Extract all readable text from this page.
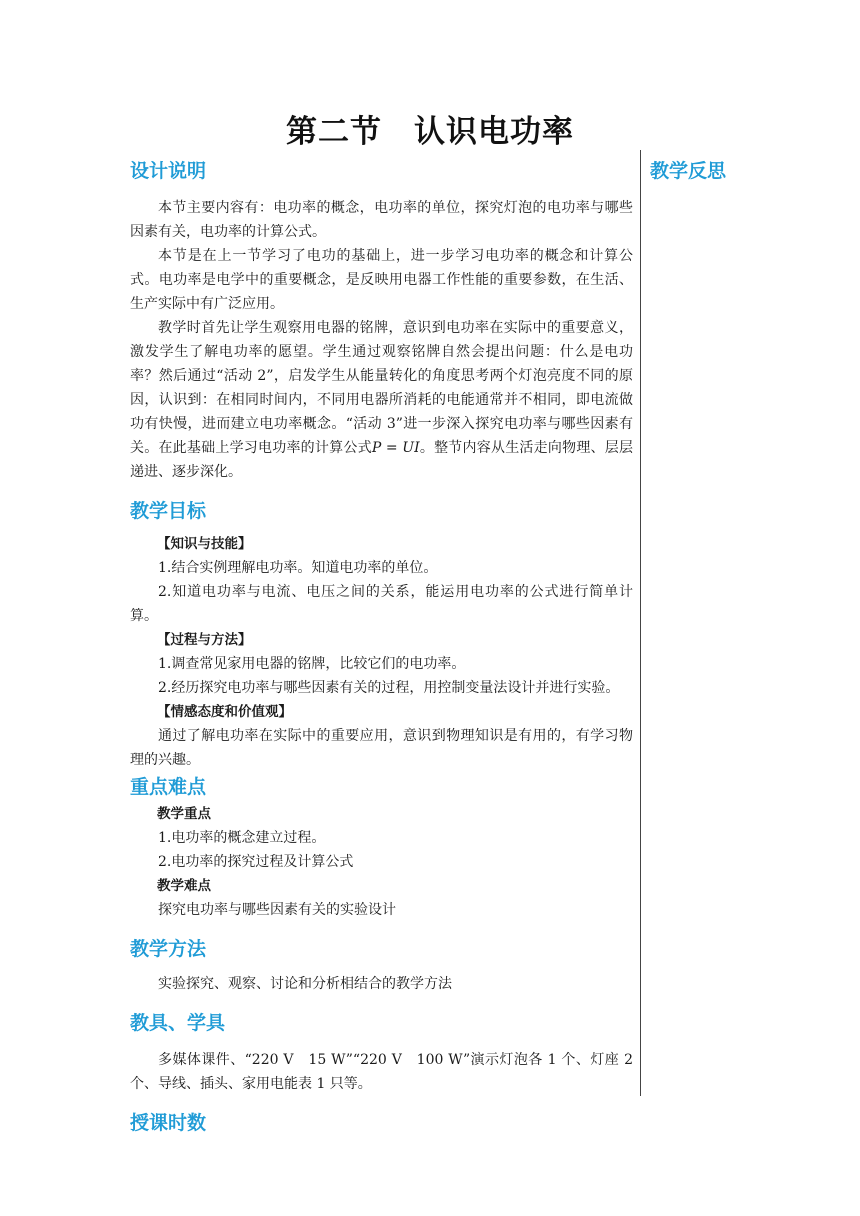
第二节　认识电功率
教学反思
设计说明

本节主要内容有：电功率的概念，电功率的单位，探究灯泡的电功率与哪些因素有关，电功率的计算公式。

本节是在上一节学习了电功的基础上，进一步学习电功率的概念和计算公式。电功率是电学中的重要概念，是反映用电器工作性能的重要参数，在生活、生产实际中有广泛应用。

教学时首先让学生观察用电器的铭牌，意识到电功率在实际中的重要意义，激发学生了解电功率的愿望。学生通过观察铭牌自然会提出问题：什么是电功率？然后通过“活动 2”，启发学生从能量转化的角度思考两个灯泡亮度不同的原因，认识到：在相同时间内，不同用电器所消耗的电能通常并不相同，即电流做功有快慢，进而建立电功率概念。“活动 3”进一步深入探究电功率与哪些因素有关。在此基础上学习电功率的计算公式P = UI。整节内容从生活走向物理、层层递进、逐步深化。

教学目标

【知识与技能】

1.结合实例理解电功率。知道电功率的单位。

2.知道电功率与电流、电压之间的关系，能运用电功率的公式进行简单计算。

【过程与方法】

1.调查常见家用电器的铭牌，比较它们的电功率。

2.经历探究电功率与哪些因素有关的过程，用控制变量法设计并进行实验。

【情感态度和价值观】

通过了解电功率在实际中的重要应用，意识到物理知识是有用的，有学习物理的兴趣。

重点难点

教学重点

1.电功率的概念建立过程。

2.电功率的探究过程及计算公式

教学难点

探究电功率与哪些因素有关的实验设计

教学方法

实验探究、观察、讨论和分析相结合的教学方法

教具、学具

多媒体课件、“220 V　15 W”“220 V　100 W”演示灯泡各 1 个、灯座 2 个、导线、插头、家用电能表 1 只等。

授课时数
